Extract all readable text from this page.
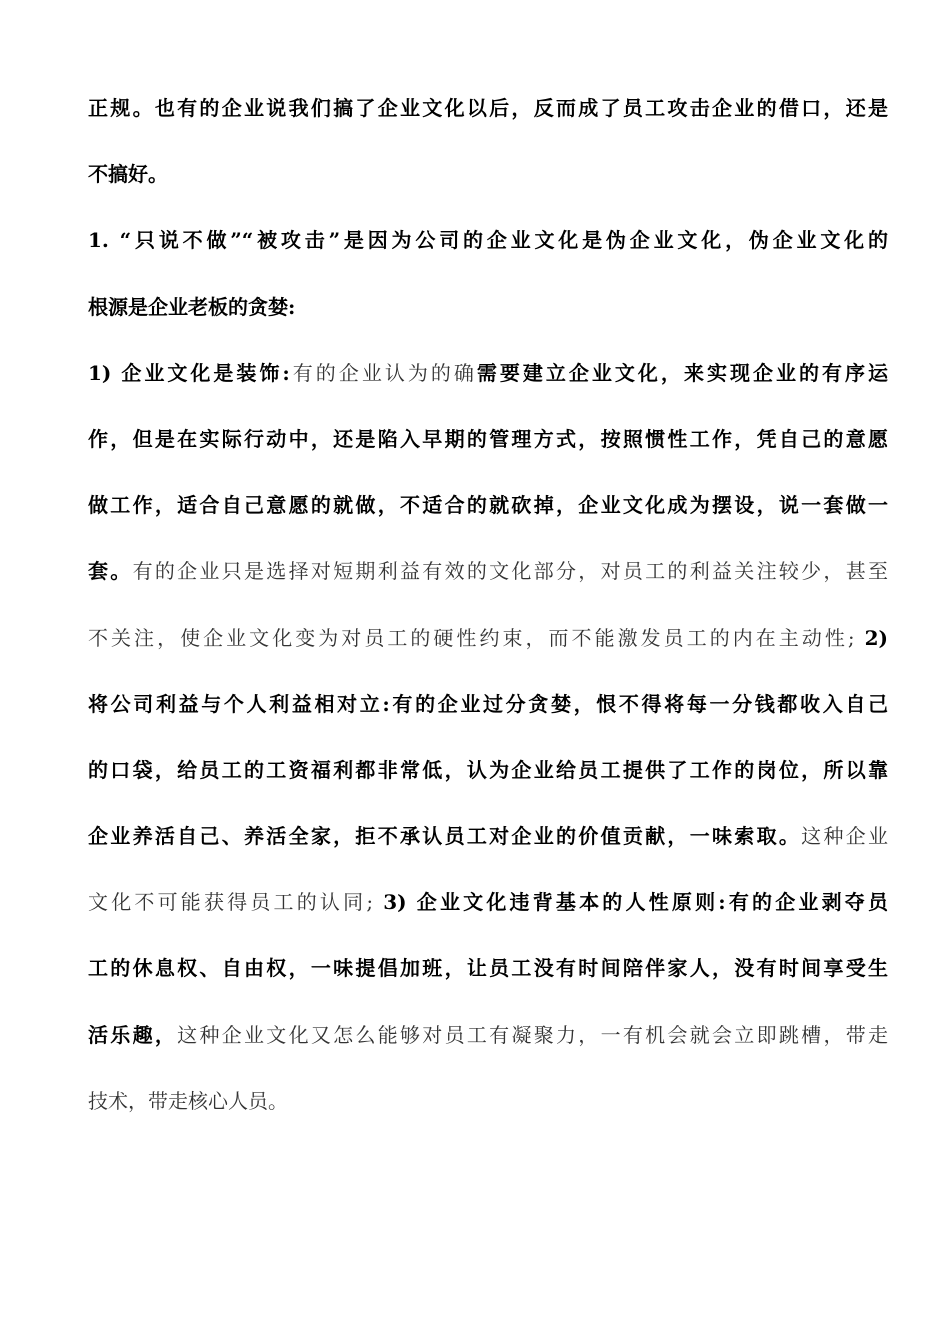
正规。也有的企业说我们搞了企业文化以后，反而成了员工攻击企业的借口，还是
不搞好。
1. “只说不做”“被攻击”是因为公司的企业文化是伪企业文化，伪企业文化的
根源是企业老板的贪婪:
1) 企业文化是装饰:有的企业认为的确需要建立企业文化，来实现企业的有序运
作，但是在实际行动中，还是陷入早期的管理方式，按照惯性工作，凭自己的意愿
做工作，适合自己意愿的就做，不适合的就砍掉，企业文化成为摆设，说一套做一
套。有的企业只是选择对短期利益有效的文化部分，对员工的利益关注较少，甚至
不关注，使企业文化变为对员工的硬性约束，而不能激发员工的内在主动性; 2)
将公司利益与个人利益相对立:有的企业过分贪婪，恨不得将每一分钱都收入自己
的口袋，给员工的工资福利都非常低，认为企业给员工提供了工作的岗位，所以靠
企业养活自己、养活全家，拒不承认员工对企业的价值贡献，一味索取。这种企业
文化不可能获得员工的认同; 3) 企业文化违背基本的人性原则:有的企业剥夺员
工的休息权、自由权，一味提倡加班，让员工没有时间陪伴家人，没有时间享受生
活乐趣，这种企业文化又怎么能够对员工有凝聚力，一有机会就会立即跳槽，带走
技术，带走核心人员。
